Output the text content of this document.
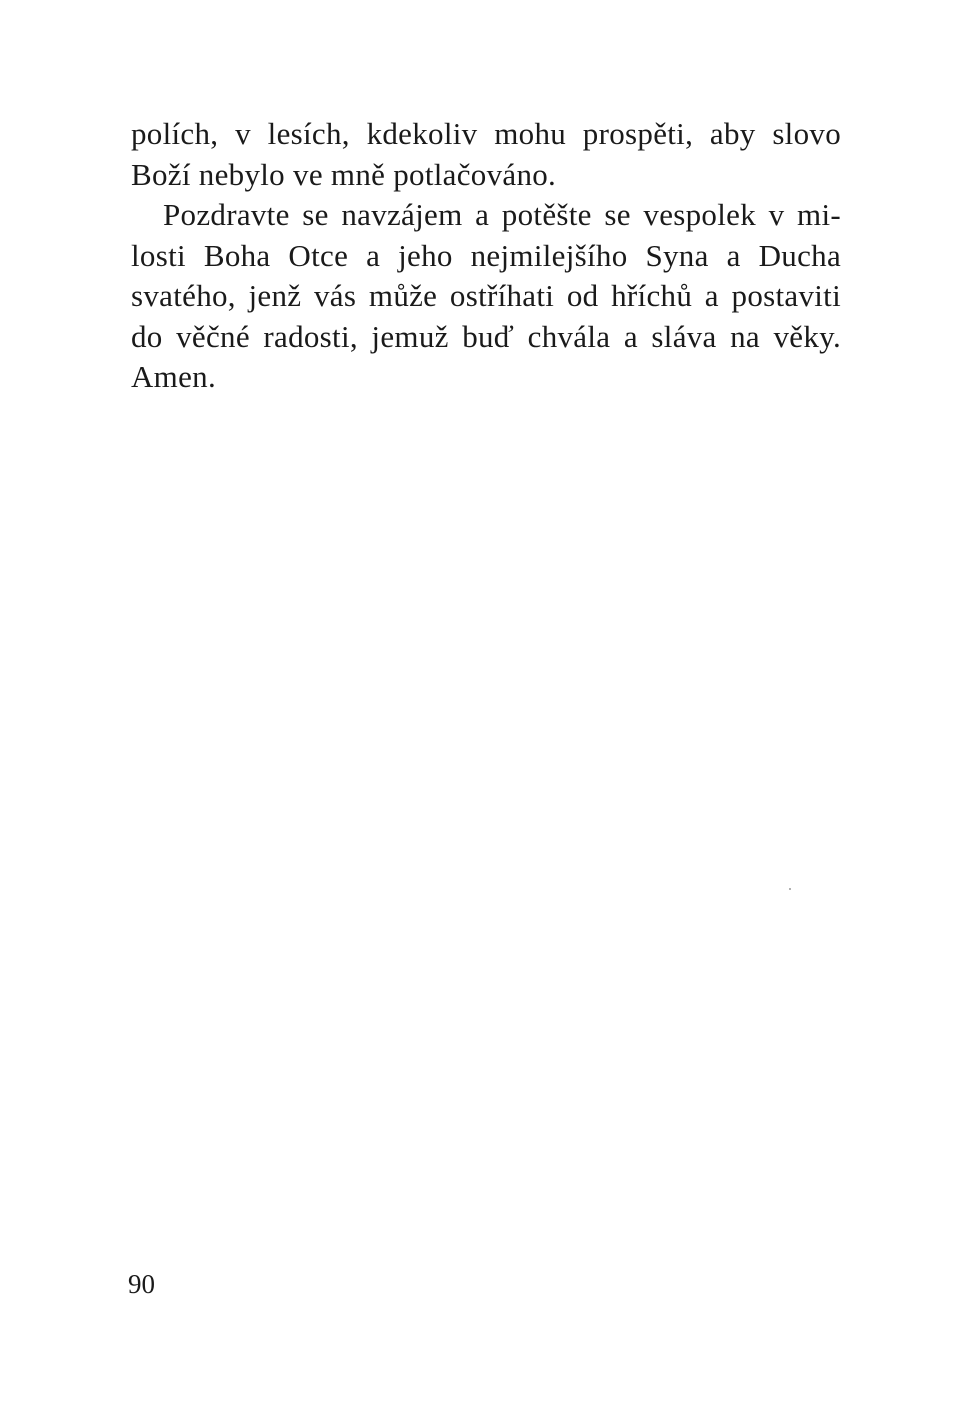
polích, v lesích, kdekoliv mohu prospěti, aby slovo
Boží nebylo ve mně potlačováno.
Pozdravte se navzájem a potěšte se vespolek v mi-
losti Boha Otce a jeho nejmilejšího Syna a Ducha
svatého, jenž vás může ostříhati od hříchů a postaviti
do věčné radosti, jemuž buď chvála a sláva na věky.
Amen.
90
